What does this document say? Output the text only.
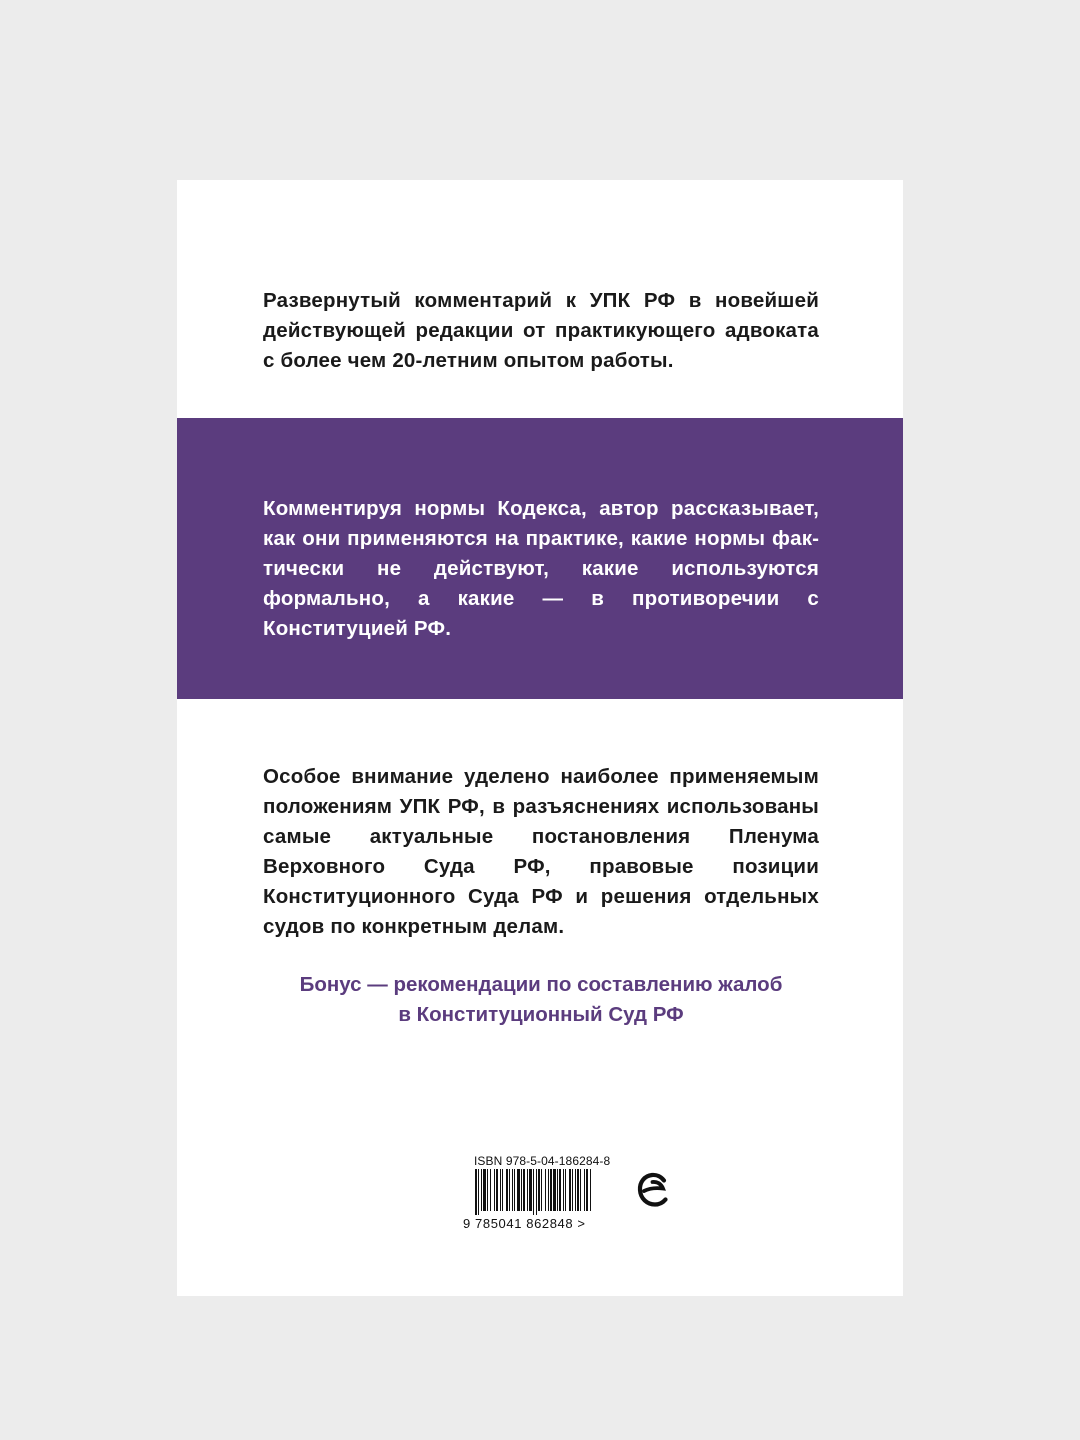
Развернутый комментарий к УПК РФ в новейшей действующей редакции от практикующего адвоката с более чем 20-летним опытом работы.

Комментируя нормы Кодекса, автор рассказывает, как они применяются на практике, какие нормы фактически не действуют, какие используются формально, а какие — в противоречии с Конституцией РФ.

Особое внимание уделено наиболее применяемым положениям УПК РФ, в разъяснениях использованы самые актуальные постановления Пленума Верховного Суда РФ, правовые позиции Конституционного Суда РФ и решения отдельных судов по конкретным делам.

Бонус — рекомендации по составлению жалоб
в Конституционный Суд РФ
ISBN 978-5-04-186284-8
9 785041 862848 >
